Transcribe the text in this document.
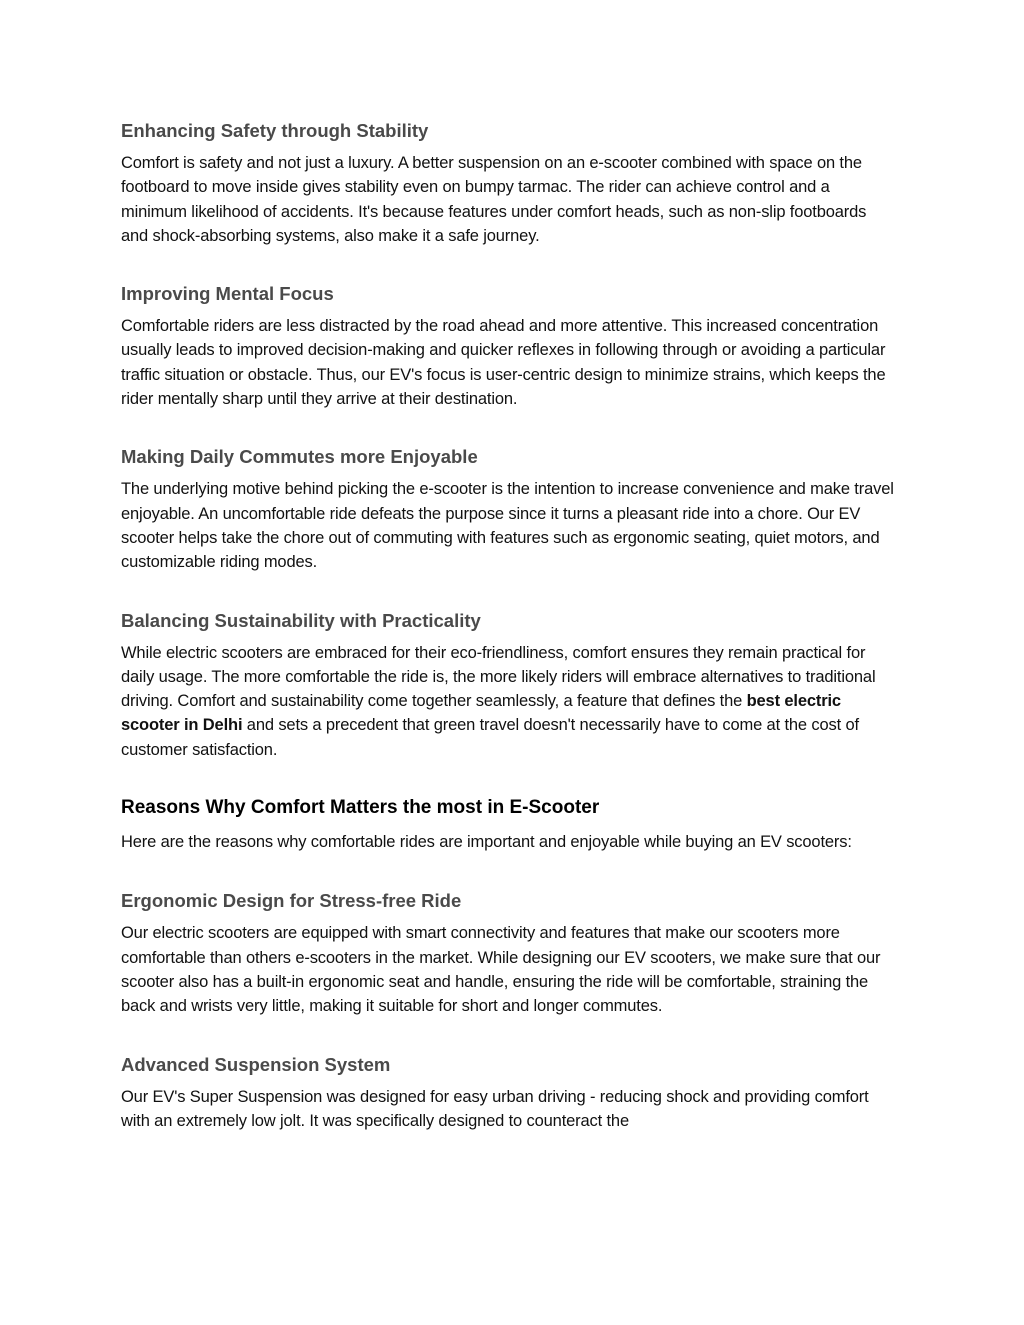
Enhancing Safety through Stability

Comfort is safety and not just a luxury. A better suspension on an e-scooter combined with space on the footboard to move inside gives stability even on bumpy tarmac. The rider can achieve control and a minimum likelihood of accidents. It's because features under comfort heads, such as non-slip footboards and shock-absorbing systems, also make it a safe journey.

Improving Mental Focus

Comfortable riders are less distracted by the road ahead and more attentive. This increased concentration usually leads to improved decision-making and quicker reflexes in following through or avoiding a particular traffic situation or obstacle. Thus, our EV's focus is user-centric design to minimize strains, which keeps the rider mentally sharp until they arrive at their destination.

Making Daily Commutes more Enjoyable

The underlying motive behind picking the e-scooter is the intention to increase convenience and make travel enjoyable. An uncomfortable ride defeats the purpose since it turns a pleasant ride into a chore. Our EV scooter helps take the chore out of commuting with features such as ergonomic seating, quiet motors, and customizable riding modes.

Balancing Sustainability with Practicality

While electric scooters are embraced for their eco-friendliness, comfort ensures they remain practical for daily usage. The more comfortable the ride is, the more likely riders will embrace alternatives to traditional driving. Comfort and sustainability come together seamlessly, a feature that defines the best electric scooter in Delhi and sets a precedent that green travel doesn't necessarily have to come at the cost of customer satisfaction.

Reasons Why Comfort Matters the most in E-Scooter

Here are the reasons why comfortable rides are important and enjoyable while buying an EV scooters:

Ergonomic Design for Stress-free Ride

Our electric scooters are equipped with smart connectivity and features that make our scooters more comfortable than others e-scooters in the market. While designing our EV scooters, we make sure that our scooter also has a built-in ergonomic seat and handle, ensuring the ride will be comfortable, straining the back and wrists very little, making it suitable for short and longer commutes.

Advanced Suspension System

Our EV's Super Suspension was designed for easy urban driving - reducing shock and providing comfort with an extremely low jolt. It was specifically designed to counteract the
